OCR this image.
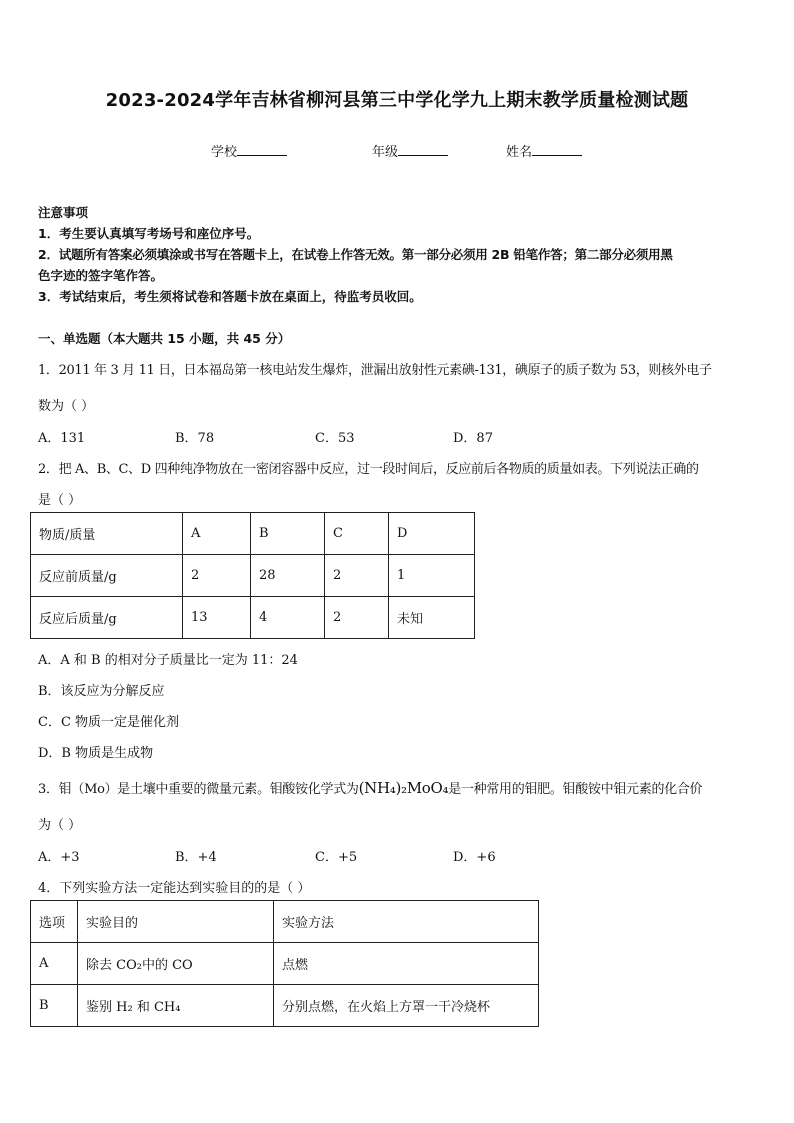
2023-2024学年吉林省柳河县第三中学化学九上期末教学质量检测试题
学校	年级	姓名
注意事项
1．考生要认真填写考场号和座位序号。
2．试题所有答案必须填涂或书写在答题卡上，在试卷上作答无效。第一部分必须用 2B 铅笔作答；第二部分必须用黑
色字迹的签字笔作答。
3．考试结束后，考生须将试卷和答题卡放在桌面上，待监考员收回。
一、单选题（本大题共 15 小题，共 45 分）
1．2011 年 3 月 11 日，日本福岛第一核电站发生爆炸，泄漏出放射性元素碘-131，碘原子的质子数为 53，则核外电子
数为（ ）
A．131	B．78	C．53	D．87
2．把 A、B、C、D 四种纯净物放在一密闭容器中反应，过一段时间后，反应前后各物质的质量如表。下列说法正确的
是（ ）
物质/质量	A	B	C	D
反应前质量/g	2	28	2	1
反应后质量/g	13	4	2	未知
A．A 和 B 的相对分子质量比一定为 11：24
B．该反应为分解反应
C．C 物质一定是催化剂
D．B 物质是生成物
3．钼（Mo）是土壤中重要的微量元素。钼酸铵化学式为(NH₄)₂MoO₄是一种常用的钼肥。钼酸铵中钼元素的化合价
为（ ）
A．+3	B．+4	C．+5	D．+6
4．下列实验方法一定能达到实验目的的是（ ）
选项	实验目的	实验方法
A	除去 CO₂中的 CO	点燃
B	鉴别 H₂ 和 CH₄	分别点燃，在火焰上方罩一干冷烧杯
